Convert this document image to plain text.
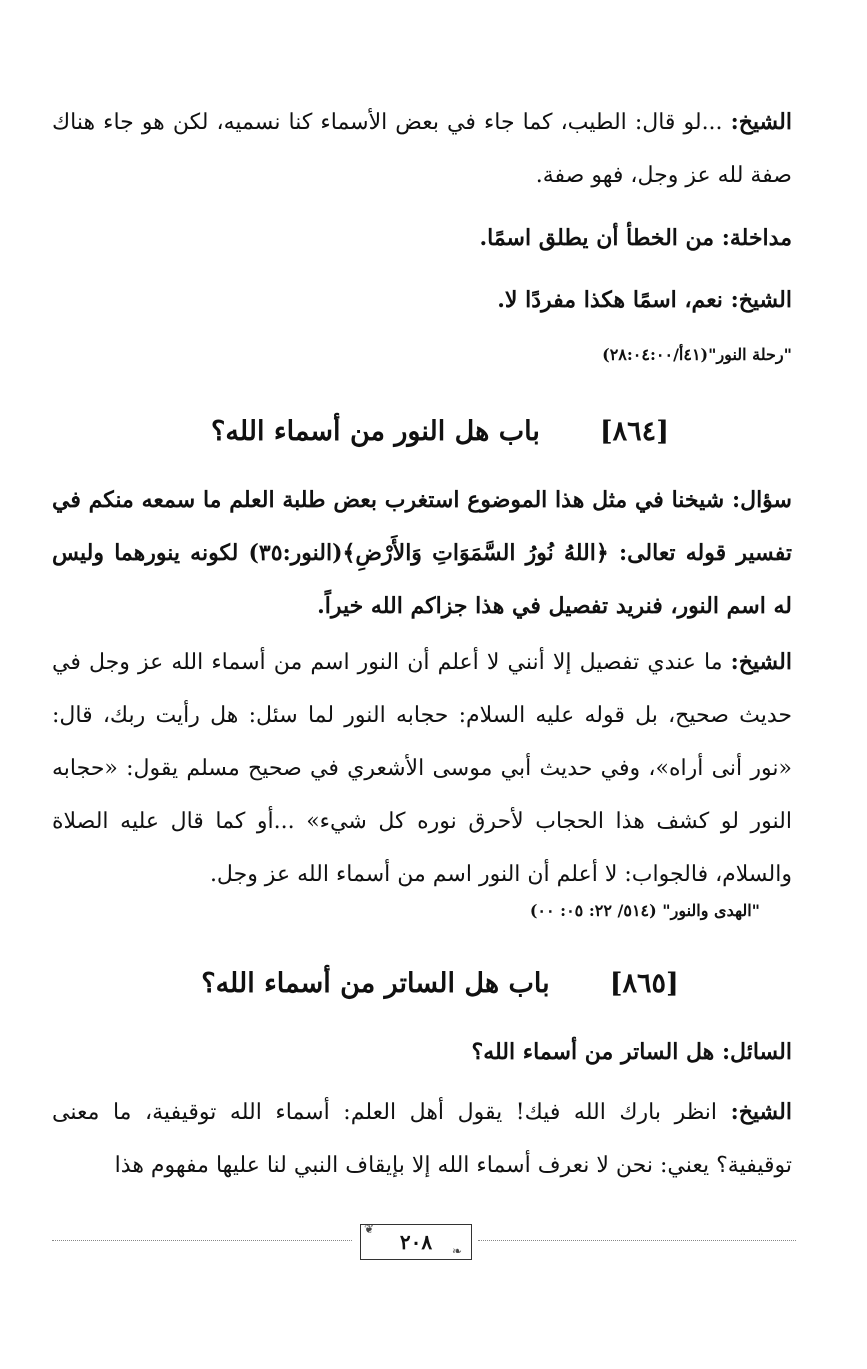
الشيخ: ...لو قال: الطيب، كما جاء في بعض الأسماء كنا نسميه، لكن هو جاء هناك صفة لله عز وجل، فهو صفة.
مداخلة: من الخطأ أن يطلق اسمًا.
الشيخ: نعم، اسمًا هكذا مفردًا لا.
"رحلة النور"(٤١أ/٢٨:٠٤:٠٠)
[٨٦٤]باب هل النور من أسماء الله؟
سؤال: شيخنا في مثل هذا الموضوع استغرب بعض طلبة العلم ما سمعه منكم في تفسير قوله تعالى: ﴿اللهُ نُورُ السَّمَوَاتِ وَالأَرْضِ﴾(النور:٣٥) لكونه ينورهما وليس له اسم النور، فنريد تفصيل في هذا جزاكم الله خيراً.
الشيخ: ما عندي تفصيل إلا أنني لا أعلم أن النور اسم من أسماء الله عز وجل في حديث صحيح، بل قوله عليه السلام: حجابه النور لما سئل: هل رأيت ربك، قال: «نور أنى أراه»، وفي حديث أبي موسى الأشعري في صحيح مسلم يقول: «حجابه النور لو كشف هذا الحجاب لأحرق نوره كل شيء» ...أو كما قال عليه الصلاة والسلام، فالجواب: لا أعلم أن النور اسم من أسماء الله عز وجل.
"الهدى والنور" (٥١٤/ ٢٢: ٠٥: ٠٠)
[٨٦٥]باب هل الساتر من أسماء الله؟
السائل: هل الساتر من أسماء الله؟
الشيخ: انظر بارك الله فيك! يقول أهل العلم: أسماء الله توقيفية، ما معنى توقيفية؟ يعني: نحن لا نعرف أسماء الله إلا بإيقاف النبي لنا عليها مفهوم هذا
٢٠٨
❦
❧
